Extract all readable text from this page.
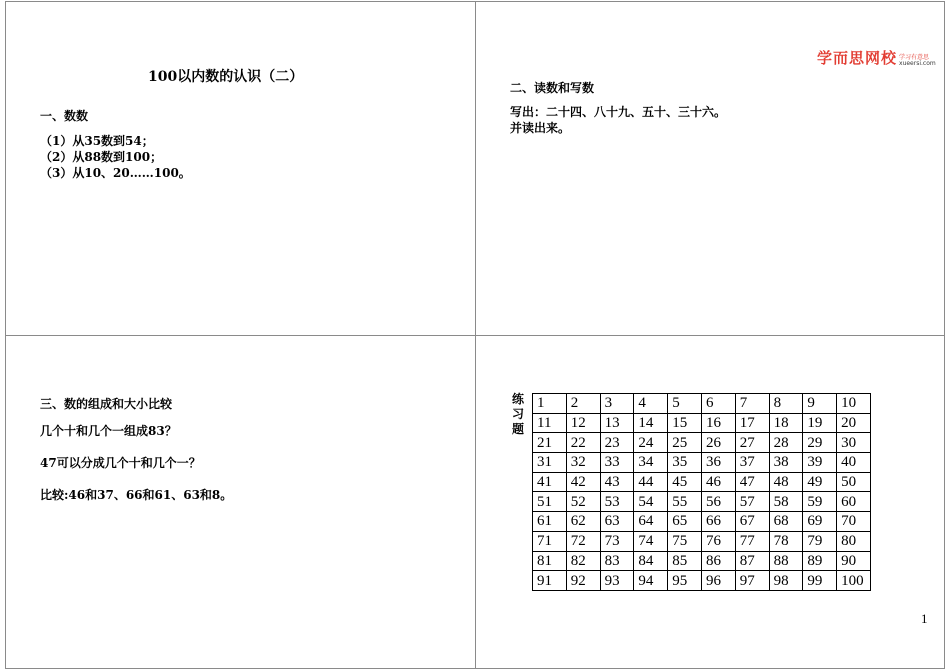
100以内数的认识（二）
一、数数
（1）从35数到54；
（2）从88数到100；
（3）从10、20……100。
学而思网校 学习有意思
xueersi.com
二、读数和写数
写出：二十四、八十九、五十、三十六。
并读出来。
三、数的组成和大小比较
几个十和几个一组成83？
47可以分成几个十和几个一？
比较:46和37、66和61、63和8。
练
习
题
1	2	3	4	5	6	7	8	9	10
11	12	13	14	15	16	17	18	19	20
21	22	23	24	25	26	27	28	29	30
31	32	33	34	35	36	37	38	39	40
41	42	43	44	45	46	47	48	49	50
51	52	53	54	55	56	57	58	59	60
61	62	63	64	65	66	67	68	69	70
71	72	73	74	75	76	77	78	79	80
81	82	83	84	85	86	87	88	89	90
91	92	93	94	95	96	97	98	99	100
1
